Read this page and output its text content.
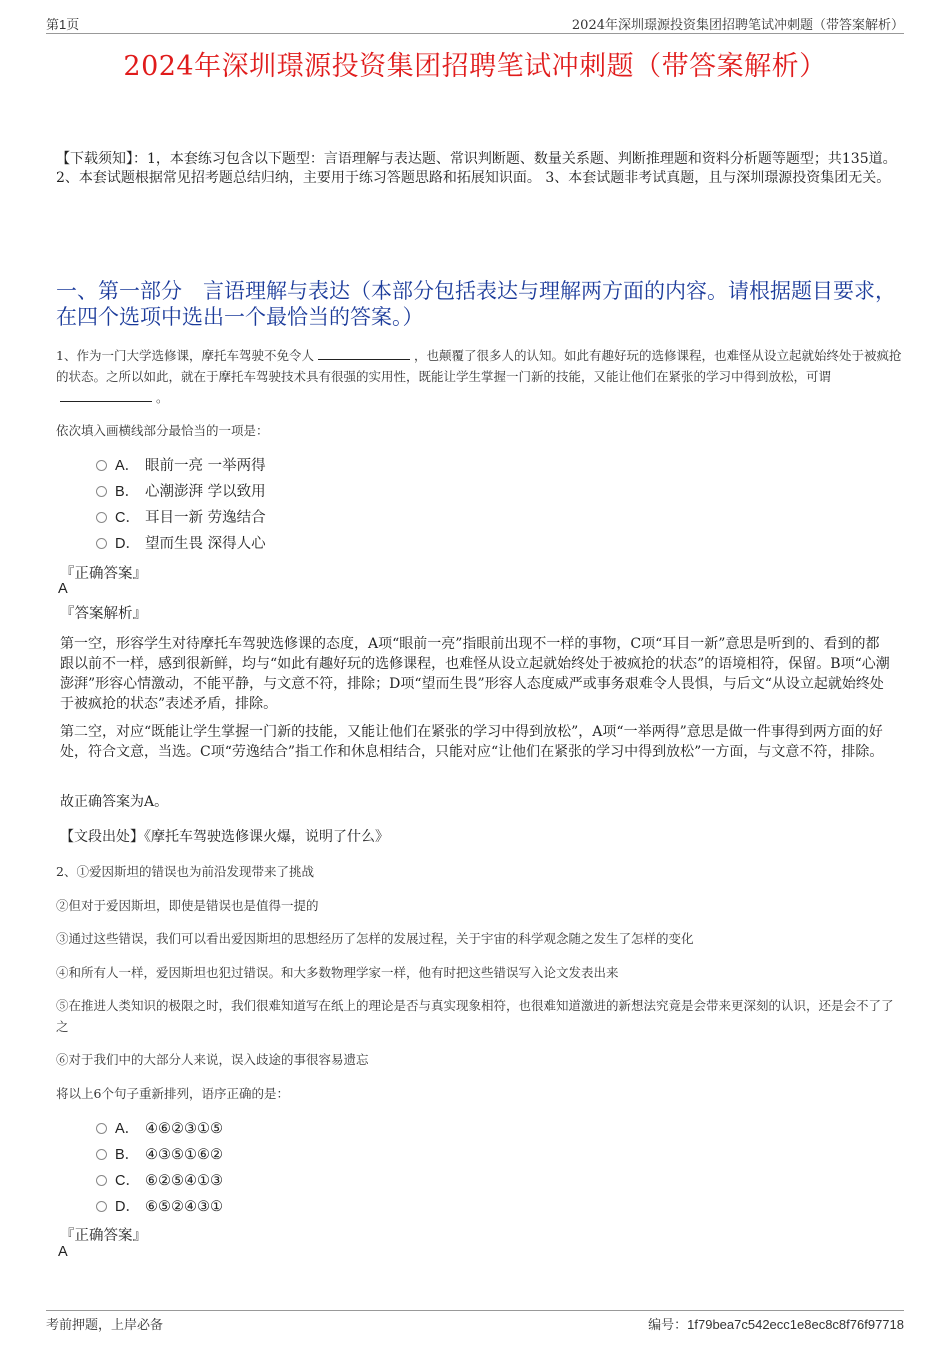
第1页	2024年深圳璟源投资集团招聘笔试冲刺题（带答案解析）
2024年深圳璟源投资集团招聘笔试冲刺题（带答案解析）
【下载须知】：1，本套练习包含以下题型：言语理解与表达题、常识判断题、数量关系题、判断推理题和资料分析题等题型；共135道。 2、本套试题根据常见招考题总结归纳，主要用于练习答题思路和拓展知识面。 3、本套试题非考试真题，且与深圳璟源投资集团无关。
一、第一部分　言语理解与表达（本部分包括表达与理解两方面的内容。请根据题目要求，在四个选项中选出一个最恰当的答案。）
1、作为一门大学选修课，摩托车驾驶不免令人	，也颠覆了很多人的认知。如此有趣好玩的选修课程，也难怪从设立起就始终处于被疯抢的状态。之所以如此，就在于摩托车驾驶技术具有很强的实用性，既能让学生掌握一门新的技能，又能让他们在紧张的学习中得到放松，可谓。
依次填入画横线部分最恰当的一项是：
A． 眼前一亮 一举两得
B． 心潮澎湃 学以致用
C． 耳目一新 劳逸结合
D． 望而生畏 深得人心
『正确答案』
A
『答案解析』
第一空，形容学生对待摩托车驾驶选修课的态度，A项“眼前一亮”指眼前出现不一样的事物，C项“耳目一新”意思是听到的、看到的都跟以前不一样，感到很新鲜，均与“如此有趣好玩的选修课程，也难怪从设立起就始终处于被疯抢的状态”的语境相符，保留。B项“心潮澎湃”形容心情激动，不能平静，与文意不符，排除；D项“望而生畏”形容人态度威严或事务艰难令人畏惧，与后文“从设立起就始终处于被疯抢的状态”表述矛盾，排除。
第二空，对应“既能让学生掌握一门新的技能，又能让他们在紧张的学习中得到放松”，A项“一举两得”意思是做一件事得到两方面的好处，符合文意，当选。C项“劳逸结合”指工作和休息相结合，只能对应“让他们在紧张的学习中得到放松”一方面，与文意不符，排除。
故正确答案为A。
【文段出处】《摩托车驾驶选修课火爆，说明了什么》
2、①爱因斯坦的错误也为前沿发现带来了挑战
②但对于爱因斯坦，即使是错误也是值得一提的
③通过这些错误，我们可以看出爱因斯坦的思想经历了怎样的发展过程，关于宇宙的科学观念随之发生了怎样的变化
④和所有人一样，爱因斯坦也犯过错误。和大多数物理学家一样，他有时把这些错误写入论文发表出来
⑤在推进人类知识的极限之时，我们很难知道写在纸上的理论是否与真实现象相符，也很难知道激进的新想法究竟是会带来更深刻的认识，还是会不了了之
⑥对于我们中的大部分人来说，误入歧途的事很容易遗忘
将以上6个句子重新排列，语序正确的是：
A． ④⑥②③①⑤
B． ④③⑤①⑥②
C． ⑥②⑤④①③
D． ⑥⑤②④③①
『正确答案』
A
考前押题，上岸必备	编号：1f79bea7c542ecc1e8ec8c8f76f97718
